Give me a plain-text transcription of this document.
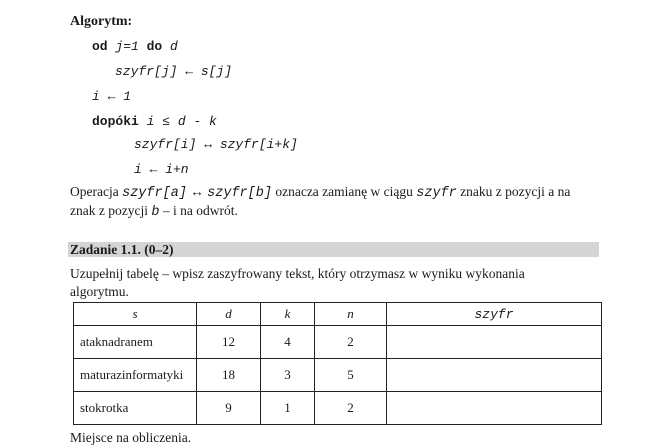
Algorytm:
od j=1 do d
szyfr[j] ← s[j]
i ← 1
dopóki i ≤ d - k
szyfr[i] ↔ szyfr[i+k]
i ← i+n
Operacja szyfr[a] ↔ szyfr[b] oznacza zamianę w ciągu szyfr znaku z pozycji a na
znak z pozycji b – i na odwrót.
Zadanie 1.1. (0–2)
Uzupełnij tabelę – wpisz zaszyfrowany tekst, który otrzymasz w wyniku wykonania
algorytmu.
s	d	k	n	szyfr
ataknadranem	12	4	2	
maturazinformatyki	18	3	5	
stokrotka	9	1	2	
Miejsce na obliczenia.
